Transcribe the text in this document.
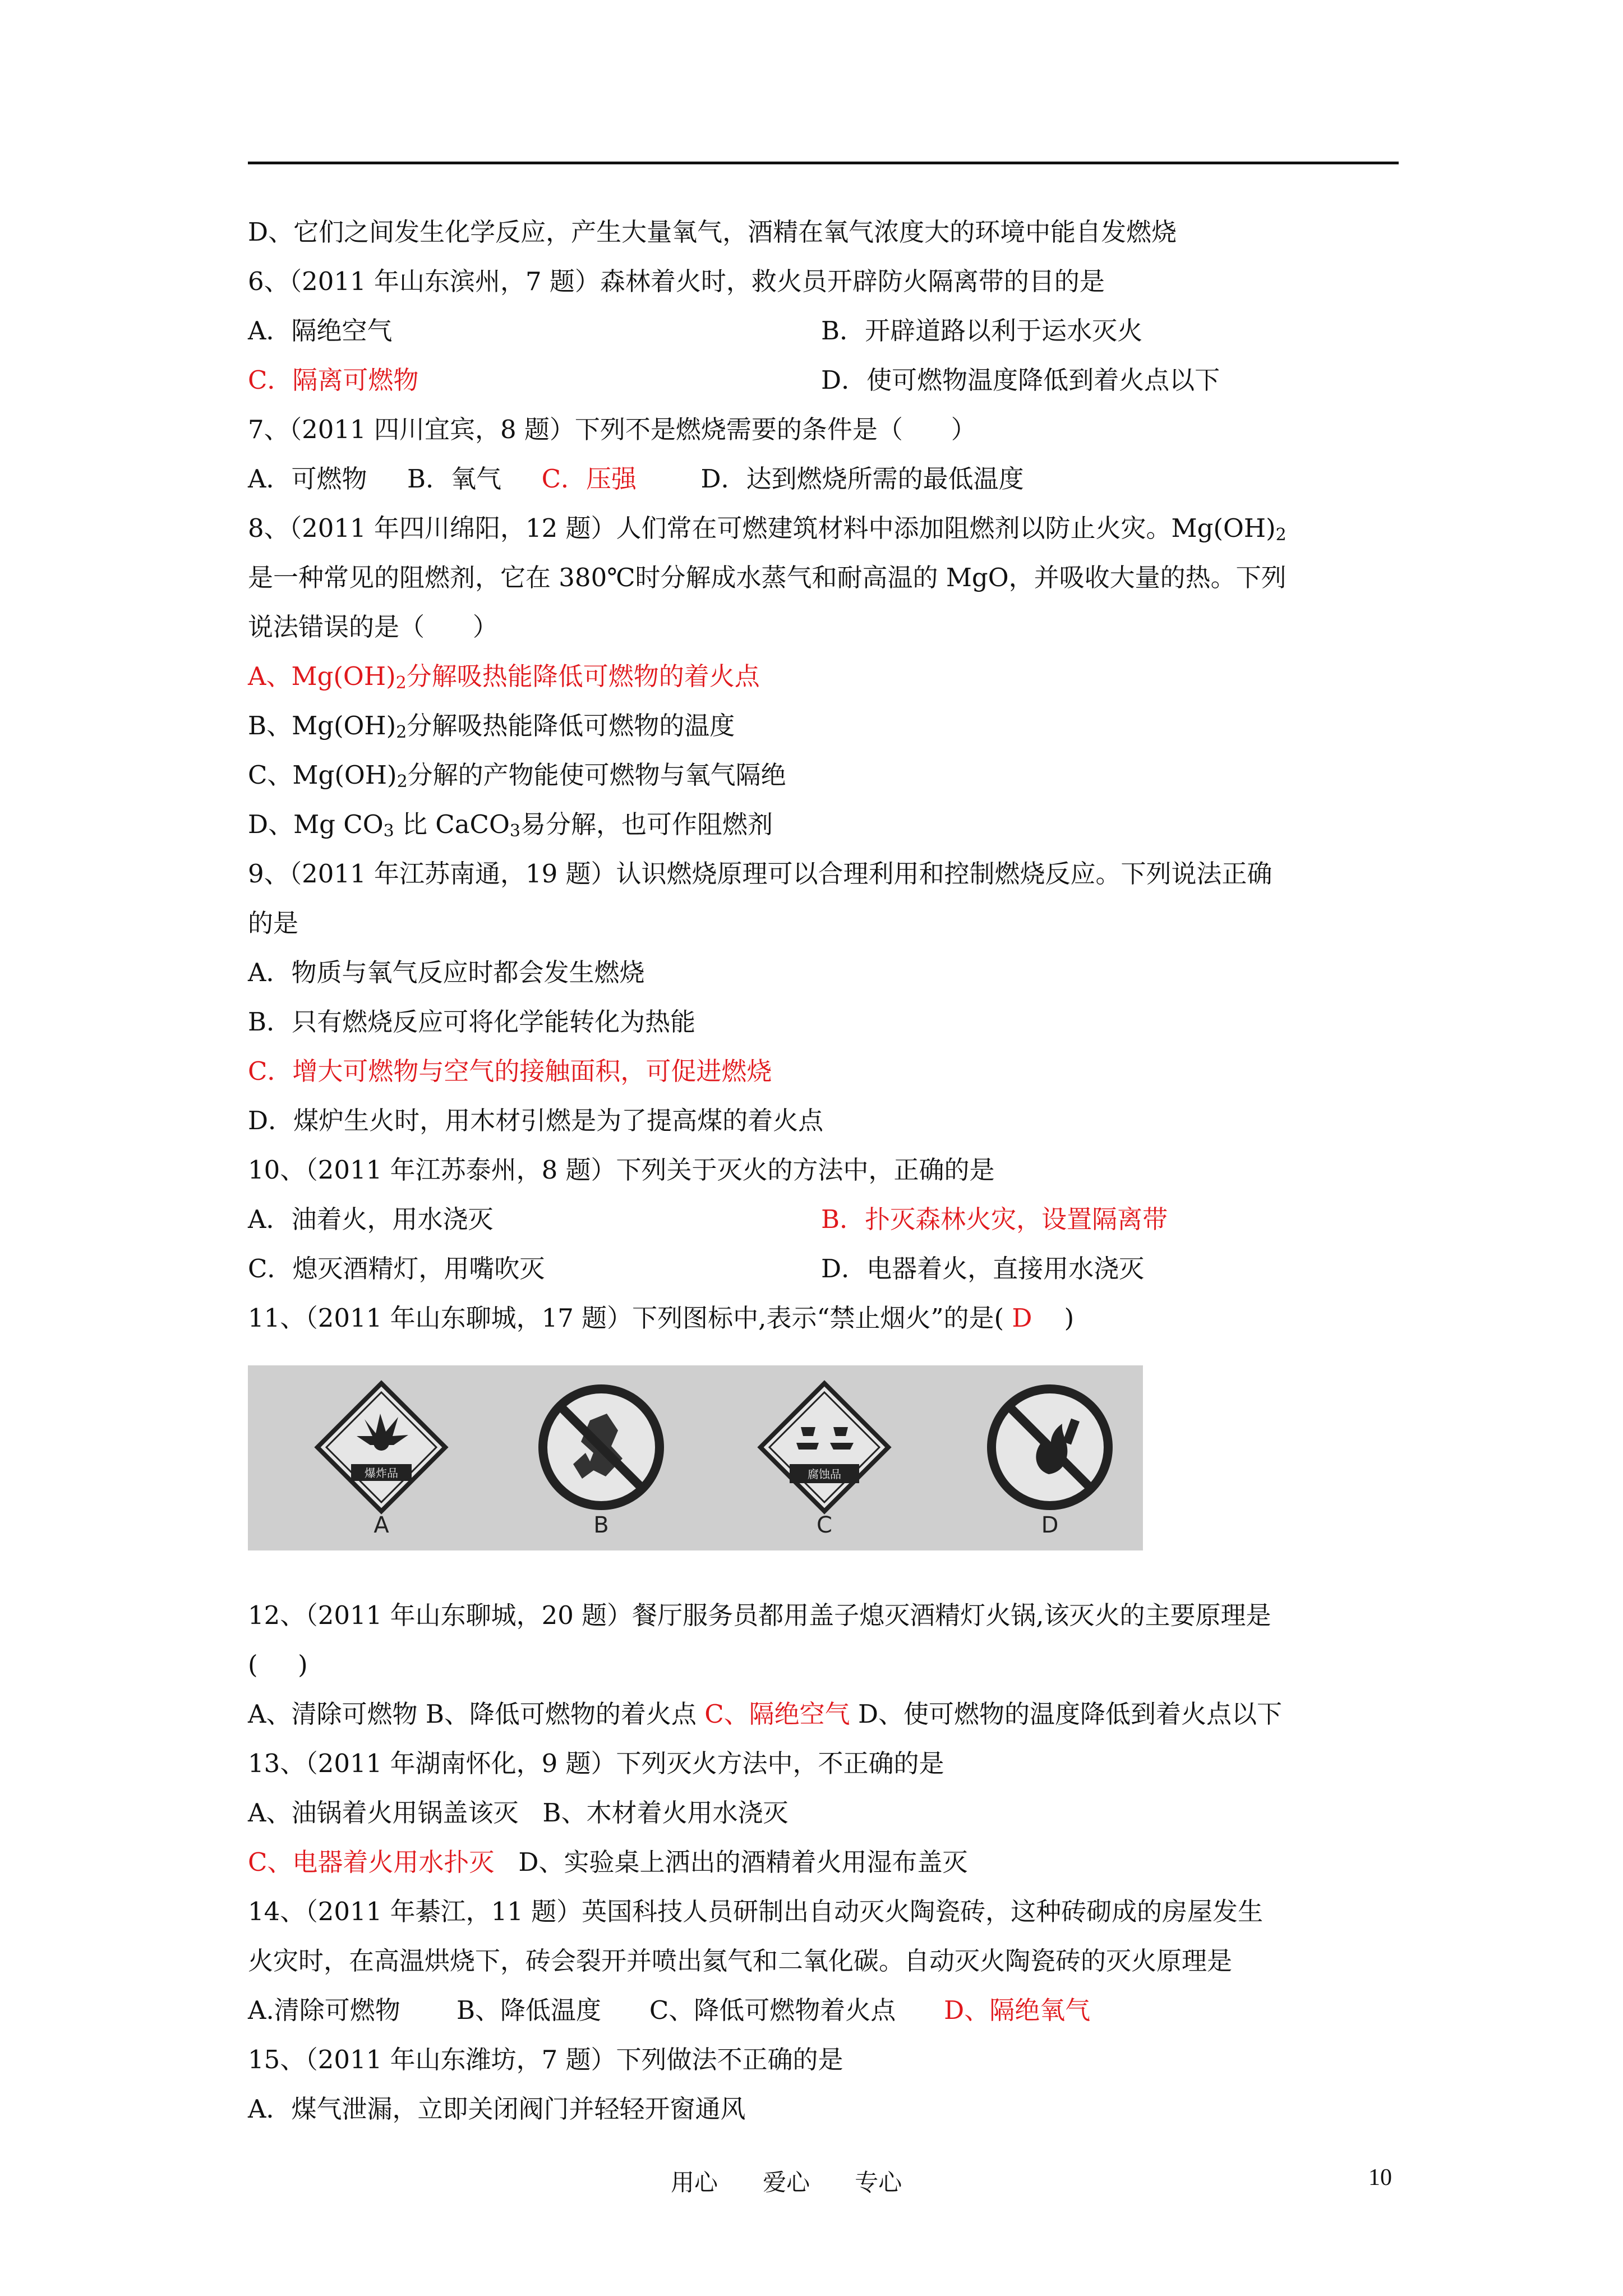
D、它们之间发生化学反应，产生大量氧气，酒精在氧气浓度大的环境中能自发燃烧
6、（2011 年山东滨州，7 题）森林着火时，救火员开辟防火隔离带的目的是
A．隔绝空气	B．开辟道路以利于运水灭火
C．隔离可燃物	D．使可燃物温度降低到着火点以下
7、（2011 四川宜宾，8 题）下列不是燃烧需要的条件是（      ）
A．可燃物     B．氧气     C．压强        D．达到燃烧所需的最低温度
8、（2011 年四川绵阳，12 题）人们常在可燃建筑材料中添加阻燃剂以防止火灾。$Mg(OH)_2$
是一种常见的阻燃剂，它在 380℃时分解成水蒸气和耐高温的 MgO，并吸收大量的热。下列
说法错误的是（      ）
A、$Mg(OH)_2$分解吸热能降低可燃物的着火点
B、$Mg(OH)_2$分解吸热能降低可燃物的温度
C、$Mg(OH)_2$分解的产物能使可燃物与氧气隔绝
D、Mg $CO_3$ 比 CaCO$_3$易分解，也可作阻燃剂
9、（2011 年江苏南通，19 题）认识燃烧原理可以合理利用和控制燃烧反应。下列说法正确
的是
A．物质与氧气反应时都会发生燃烧
B．只有燃烧反应可将化学能转化为热能
C．增大可燃物与空气的接触面积，可促进燃烧
D．煤炉生火时，用木材引燃是为了提高煤的着火点
10、（2011 年江苏泰州，8 题）下列关于灭火的方法中，正确的是
A．油着火，用水浇灭	B．扑灭森林火灾，设置隔离带
C．熄灭酒精灯，用嘴吹灭	D．电器着火，直接用水浇灭
11、（2011 年山东聊城，17 题）下列图标中,表示“禁止烟火”的是( D    )
爆炸品
A	B
腐蚀品
C	D
12、（2011 年山东聊城，20 题）餐厅服务员都用盖子熄灭酒精灯火锅,该灭火的主要原理是
(     )
A、清除可燃物 B、降低可燃物的着火点 C、隔绝空气 D、使可燃物的温度降低到着火点以下
13、（2011 年湖南怀化，9 题）下列灭火方法中，不正确的是
A、油锅着火用锅盖该灭   B、木材着火用水浇灭
C、电器着火用水扑灭   D、实验桌上洒出的酒精着火用湿布盖灭
14、（2011 年綦江，11 题）英国科技人员研制出自动灭火陶瓷砖，这种砖砌成的房屋发生
火灾时，在高温烘烧下，砖会裂开并喷出氦气和二氧化碳。自动灭火陶瓷砖的灭火原理是
A.清除可燃物       B、降低温度      C、降低可燃物着火点      D、隔绝氧气
15、（2011 年山东潍坊，7 题）下列做法不正确的是
A．煤气泄漏，立即关闭阀门并轻轻开窗通风
用心      爱心      专心	10
